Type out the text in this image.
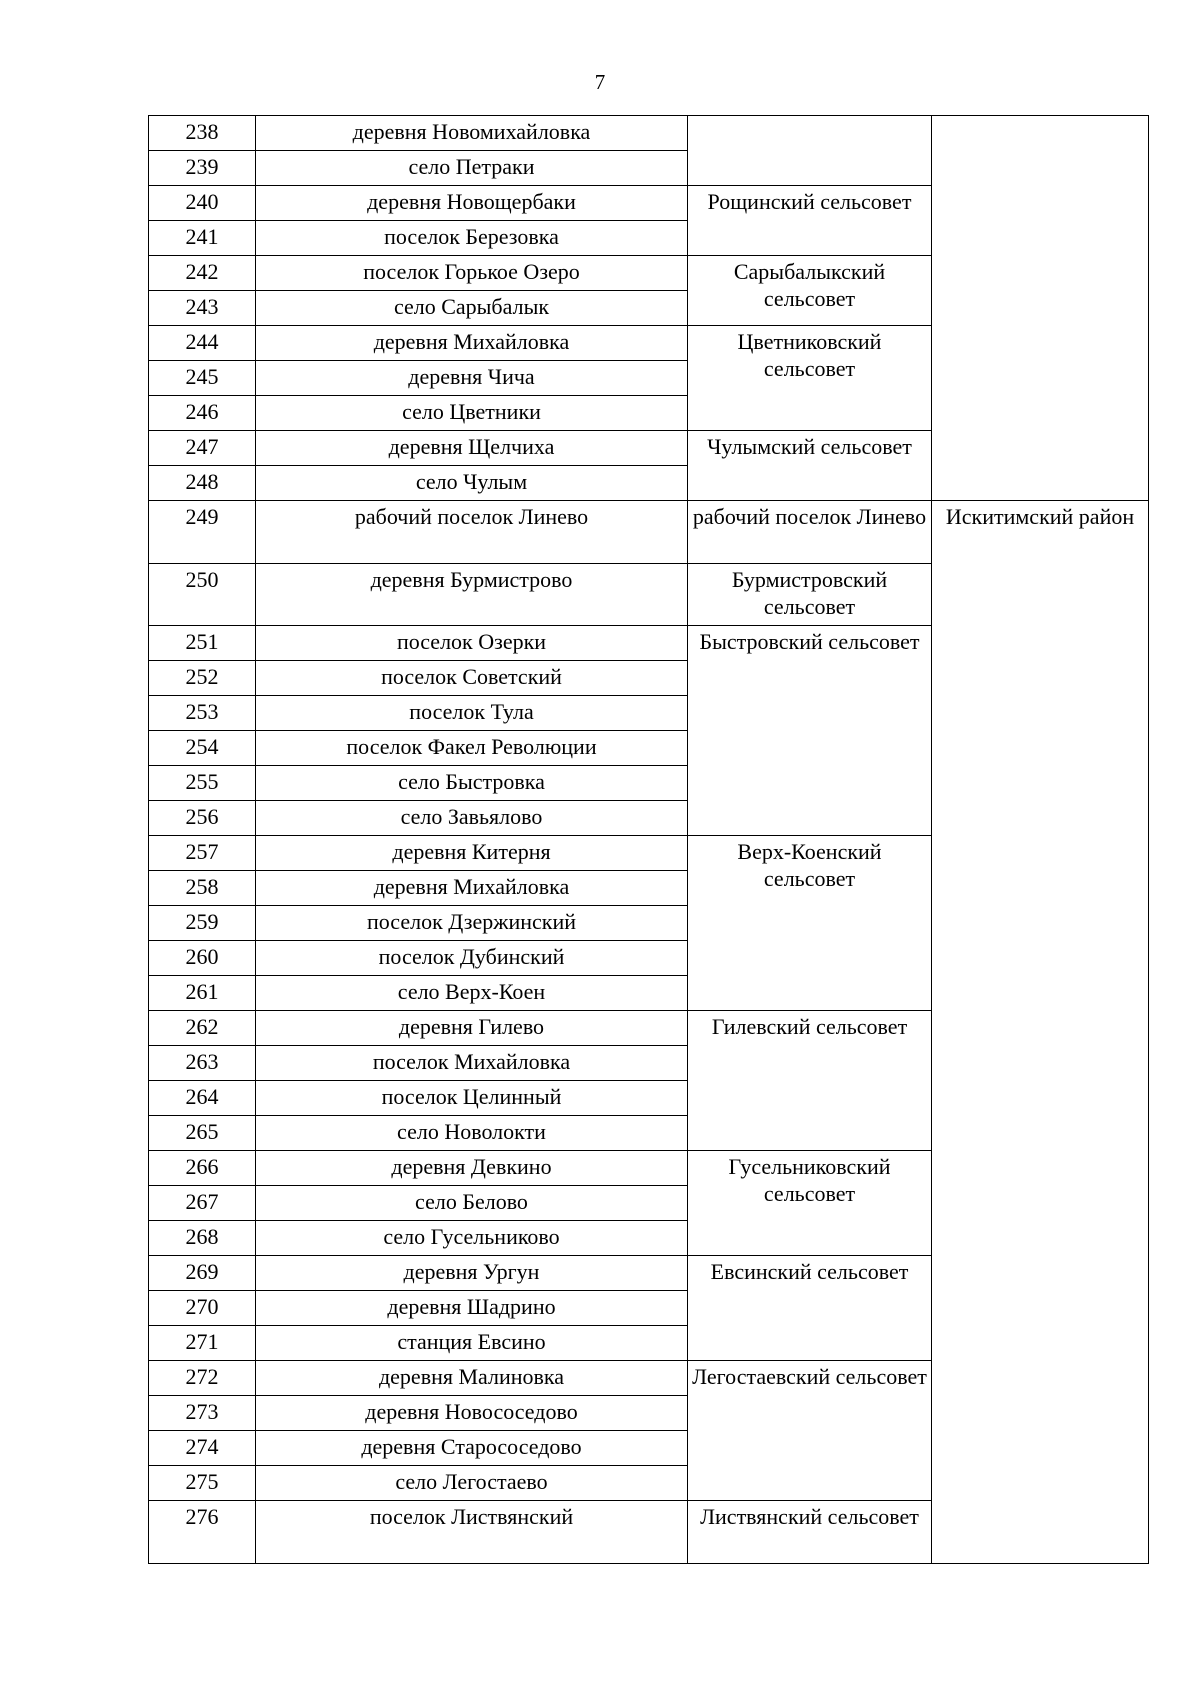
7
238	деревня Новомихайловка		
239	село Петраки		
240	деревня Новощербаки	Рощинский сельсовет	
241	поселок Березовка		
242	поселок Горькое Озеро	Сарыбалыкский сельсовет	
243	село Сарыбалык		
244	деревня Михайловка	Цветниковский сельсовет	
245	деревня Чича		
246	село Цветники		
247	деревня Щелчиха	Чулымский сельсовет	
248	село Чулым		
249	рабочий поселок Линево	рабочий поселок Линево	Искитимский район
250	деревня Бурмистрово	Бурмистровский сельсовет	
251	поселок Озерки	Быстровский сельсовет	
252	поселок Советский		
253	поселок Тула		
254	поселок Факел Революции		
255	село Быстровка		
256	село Завьялово		
257	деревня Китерня	Верх-Коенский сельсовет	
258	деревня Михайловка		
259	поселок Дзержинский		
260	поселок Дубинский		
261	село Верх-Коен		
262	деревня Гилево	Гилевский сельсовет	
263	поселок Михайловка		
264	поселок Целинный		
265	село Новолокти		
266	деревня Девкино	Гусельниковский сельсовет	
267	село Белово		
268	село Гусельниково		
269	деревня Ургун	Евсинский сельсовет	
270	деревня Шадрино		
271	станция Евсино		
272	деревня Малиновка	Легостаевский сельсовет	
273	деревня Новососедово		
274	деревня Старососедово		
275	село Легостаево		
276	поселок Листвянский	Листвянский сельсовет	
